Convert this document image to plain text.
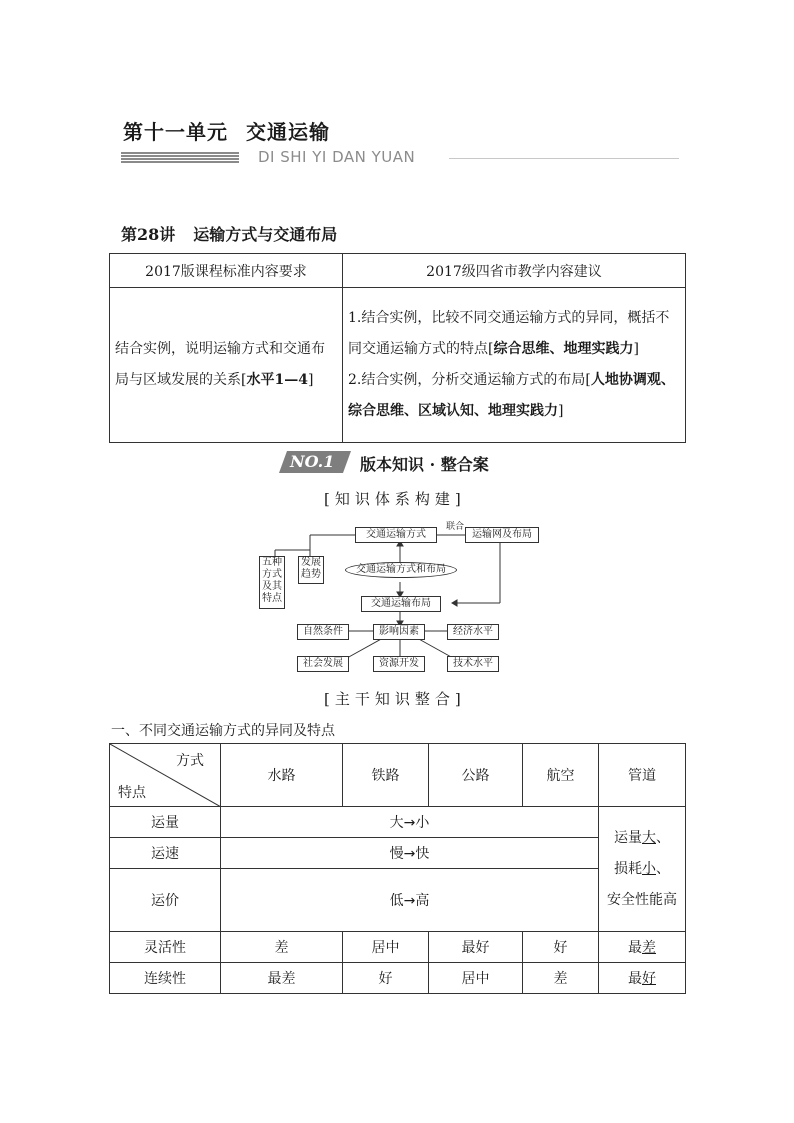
第十一单元 交通运输
DI SHI YI DAN YUAN
第28讲 运输方式与交通布局
2017版课程标准内容要求	2017级四省市教学内容建议
结合实例，说明运输方式和交通布局与区域发展的关系[水平1—4]	1.结合实例，比较不同交通运输方式的异同，概括不同交通运输方式的特点[综合思维、地理实践力]
2.结合实例，分析交通运输方式的布局[人地协调观、综合思维、区域认知、地理实践力]
NO.1 版本知识 · 整合案
[知识体系构建]
交通运输方式
联合
运输网及布局
五种方式及其特点
发展趋势	交通运输方式和布局
交通运输布局
影响因素
自然条件	经济水平
社会发展	资源开发	技术水平
[主干知识整合]
一、不同交通运输方式的异同及特点
方式
特点	水路	铁路	公路	航空	管道
运量	大→小				运量大、
损耗小、
安全性能高
运速	慢→快				
运价	低→高				
灵活性	差	居中	最好	好	最差
连续性	最差	好	居中	差	最好
